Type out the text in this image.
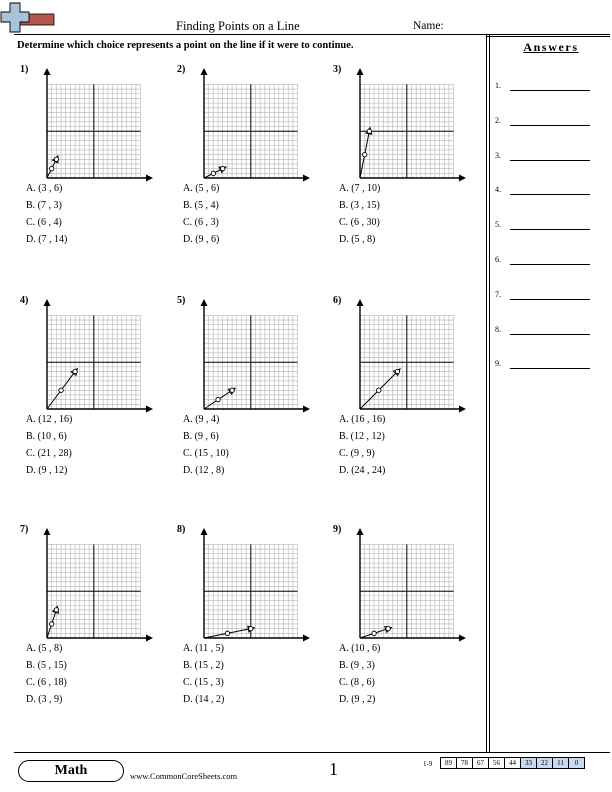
Finding Points on a Line	Name:
Determine which choice represents a point on the line if it were to continue.	Answers
1.
2.
3.
4.
5.
6.
7.
8.
9.
1)
A. (3 , 6)
B. (7 , 3)
C. (6 , 4)
D. (7 , 14)
2)
A. (5 , 6)
B. (5 , 4)
C. (6 , 3)
D. (9 , 6)
3)
A. (7 , 10)
B. (3 , 15)
C. (6 , 30)
D. (5 , 8)
4)
A. (12 , 16)
B. (10 , 6)
C. (21 , 28)
D. (9 , 12)
5)
A. (9 , 4)
B. (9 , 6)
C. (15 , 10)
D. (12 , 8)
6)
A. (16 , 16)
B. (12 , 12)
C. (9 , 9)
D. (24 , 24)
7)
A. (5 , 8)
B. (5 , 15)
C. (6 , 18)
D. (3 , 9)
8)
A. (11 , 5)
B. (15 , 2)
C. (15 , 3)
D. (14 , 2)
9)
A. (10 , 6)
B. (9 , 3)
C. (8 , 6)
D. (9 , 2)
Math	www.CommonCoreSheets.com	1	1-9 89	78	67	56	44	33	22	11	0
